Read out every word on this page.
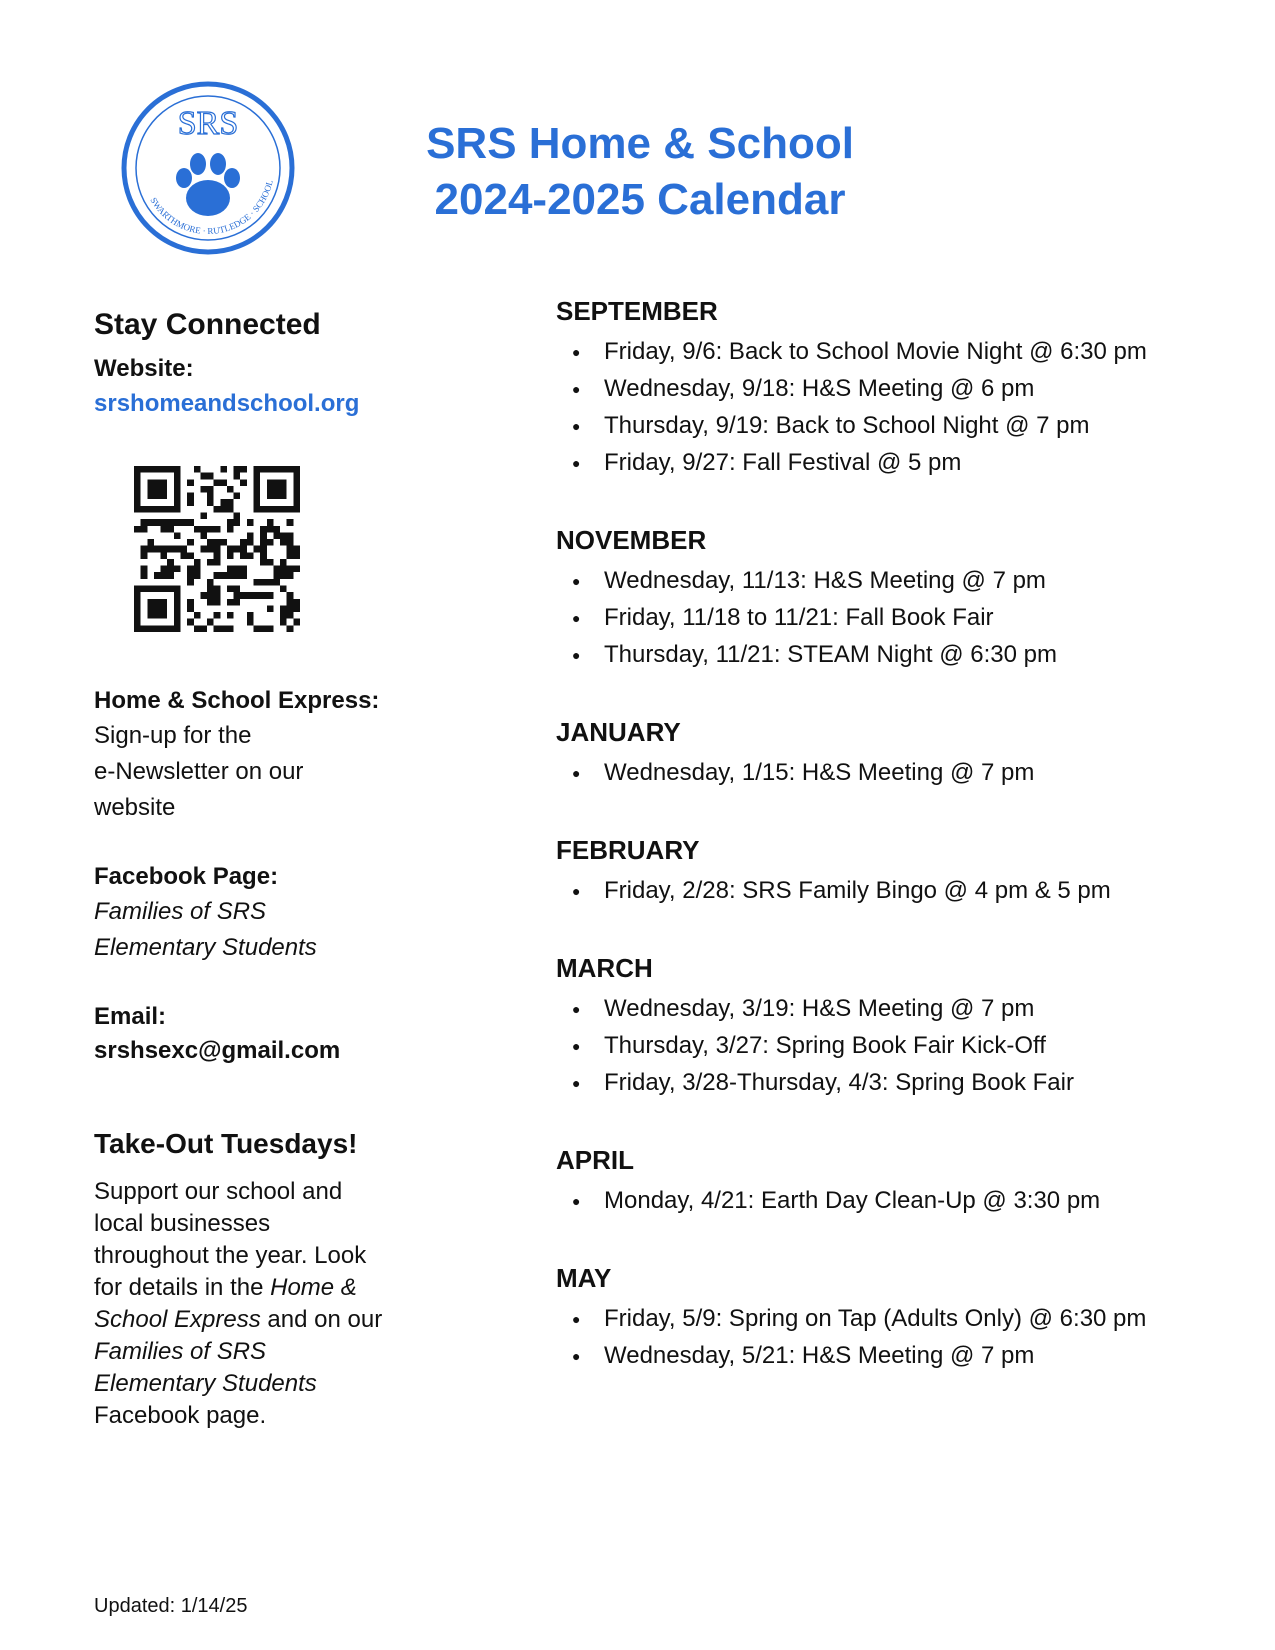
SRS
SWARTHMORE · RUTLEDGE · SCHOOL
SRS Home & School
2024-2025 Calendar
Stay Connected
Website:
srshomeandschool.org
Home & School Express:
Sign-up for the
e-Newsletter on our
website
Facebook Page:
Families of SRS
Elementary Students
Email:
srshsexc@gmail.com
Take-Out Tuesdays!
Support our school and
local businesses
throughout the year. Look
for details in the Home &
School Express and on our
Families of SRS
Elementary Students
Facebook page.
SEPTEMBER
● Friday, 9/6: Back to School Movie Night @ 6:30 pm
● Wednesday, 9/18: H&S Meeting @ 6 pm
● Thursday, 9/19: Back to School Night @ 7 pm
● Friday, 9/27: Fall Festival @ 5 pm
NOVEMBER
● Wednesday, 11/13: H&S Meeting @ 7 pm
● Friday, 11/18 to 11/21: Fall Book Fair
● Thursday, 11/21: STEAM Night @ 6:30 pm
JANUARY
● Wednesday, 1/15: H&S Meeting @ 7 pm
FEBRUARY
● Friday, 2/28: SRS Family Bingo @ 4 pm & 5 pm
MARCH
● Wednesday, 3/19: H&S Meeting @ 7 pm
● Thursday, 3/27: Spring Book Fair Kick-Off
● Friday, 3/28-Thursday, 4/3: Spring Book Fair
APRIL
● Monday, 4/21: Earth Day Clean-Up @ 3:30 pm
MAY
● Friday, 5/9: Spring on Tap (Adults Only) @ 6:30 pm
● Wednesday, 5/21: H&S Meeting @ 7 pm
Updated: 1/14/25
